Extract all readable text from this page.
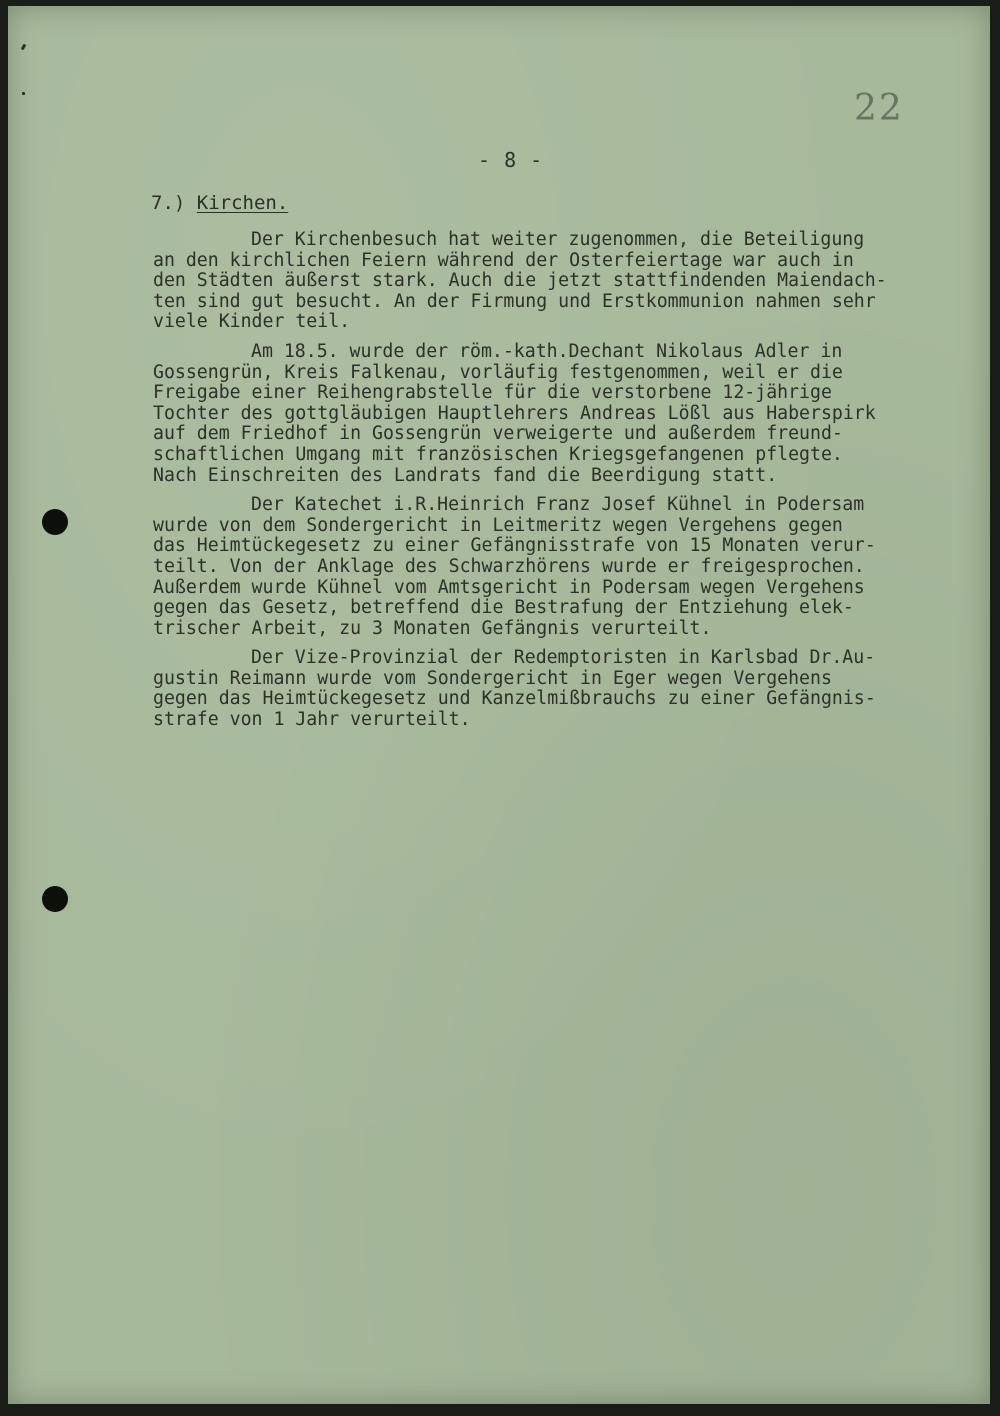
22
- 8 -
7.) Kirchen.

Der Kirchenbesuch hat weiter zugenommen, die Beteiligung
an den kirchlichen Feiern während der Osterfeiertage war auch in
den Städten äußerst stark. Auch die jetzt stattfindenden Maiendach-
ten sind gut besucht. An der Firmung und Erstkommunion nahmen sehr
viele Kinder teil.

Am 18.5. wurde der röm.-kath.Dechant Nikolaus Adler in
Gossengrün, Kreis Falkenau, vorläufig festgenommen, weil er die
Freigabe einer Reihengrabstelle für die verstorbene 12-jährige
Tochter des gottgläubigen Hauptlehrers Andreas Lößl aus Haberspirk
auf dem Friedhof in Gossengrün verweigerte und außerdem freund-
schaftlichen Umgang mit französischen Kriegsgefangenen pflegte.
Nach Einschreiten des Landrats fand die Beerdigung statt.

Der Katechet i.R.Heinrich Franz Josef Kühnel in Podersam
wurde von dem Sondergericht in Leitmeritz wegen Vergehens gegen
das Heimtückegesetz zu einer Gefängnisstrafe von 15 Monaten verur-
teilt. Von der Anklage des Schwarzhörens wurde er freigesprochen.
Außerdem wurde Kühnel vom Amtsgericht in Podersam wegen Vergehens
gegen das Gesetz, betreffend die Bestrafung der Entziehung elek-
trischer Arbeit, zu 3 Monaten Gefängnis verurteilt.

Der Vize-Provinzial der Redemptoristen in Karlsbad Dr.Au-
gustin Reimann wurde vom Sondergericht in Eger wegen Vergehens
gegen das Heimtückegesetz und Kanzelmißbrauchs zu einer Gefängnis-
strafe von 1 Jahr verurteilt.
